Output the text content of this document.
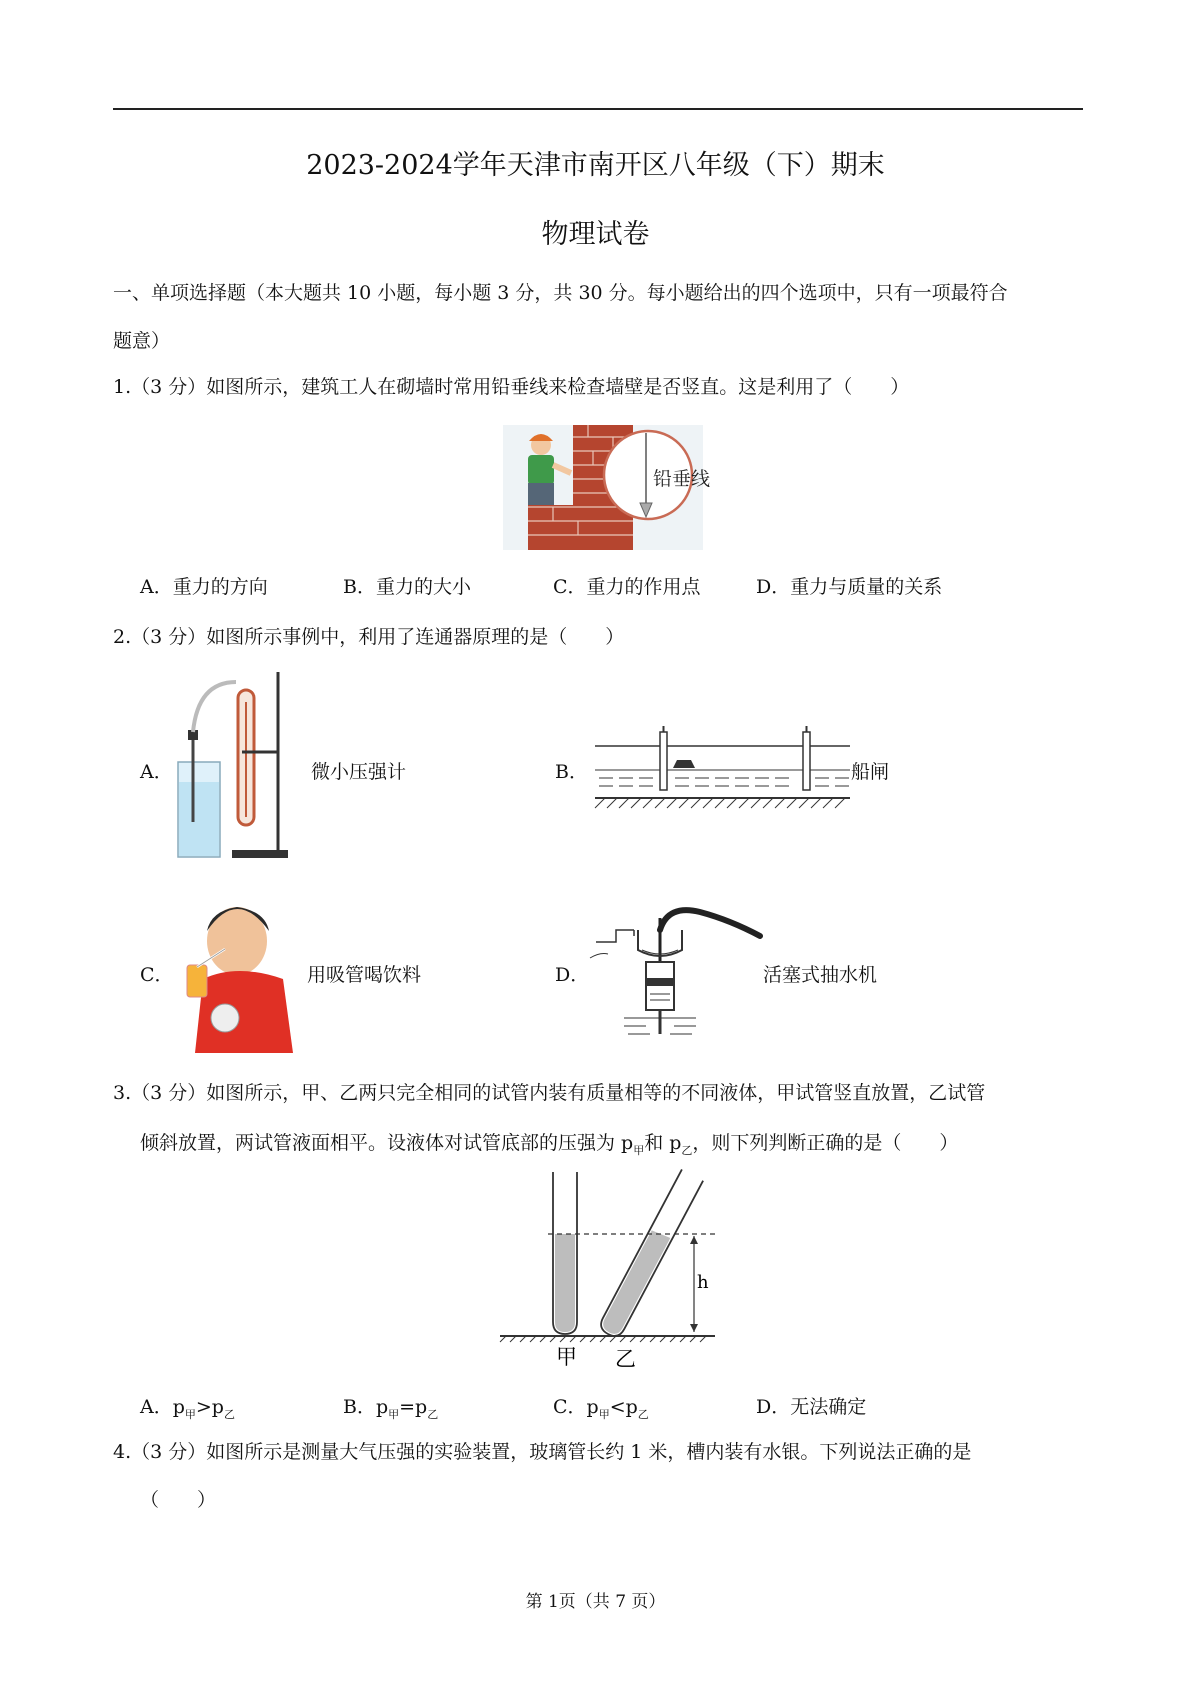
2023-2024学年天津市南开区八年级（下）期末
物理试卷
一、单项选择题（本大题共 10 小题，每小题 3 分，共 30 分。每小题给出的四个选项中，只有一项最符合
题意）
1.（3 分）如图所示，建筑工人在砌墙时常用铅垂线来检查墙壁是否竖直。这是利用了（　　）
铅垂线
A．重力的方向	B．重力的大小	C．重力的作用点	D．重力与质量的关系
2.（3 分）如图所示事例中，利用了连通器原理的是（　　）
A．	微小压强计	B．	船闸
C．	用吸管喝饮料	D．	活塞式抽水机
3.（3 分）如图所示，甲、乙两只完全相同的试管内装有质量相等的不同液体，甲试管竖直放置，乙试管
倾斜放置，两试管液面相平。设液体对试管底部的压强为 $p_甲$和 $p_乙$，则下列判断正确的是（　　）
h
甲 乙
A．$p_甲>p_乙$	B．$p_甲=p_乙$	C．$p_甲<p_乙$	D．无法确定
4.（3 分）如图所示是测量大气压强的实验装置，玻璃管长约 1 米，槽内装有水银。下列说法正确的是
（　　）
第 1页（共 7 页）
